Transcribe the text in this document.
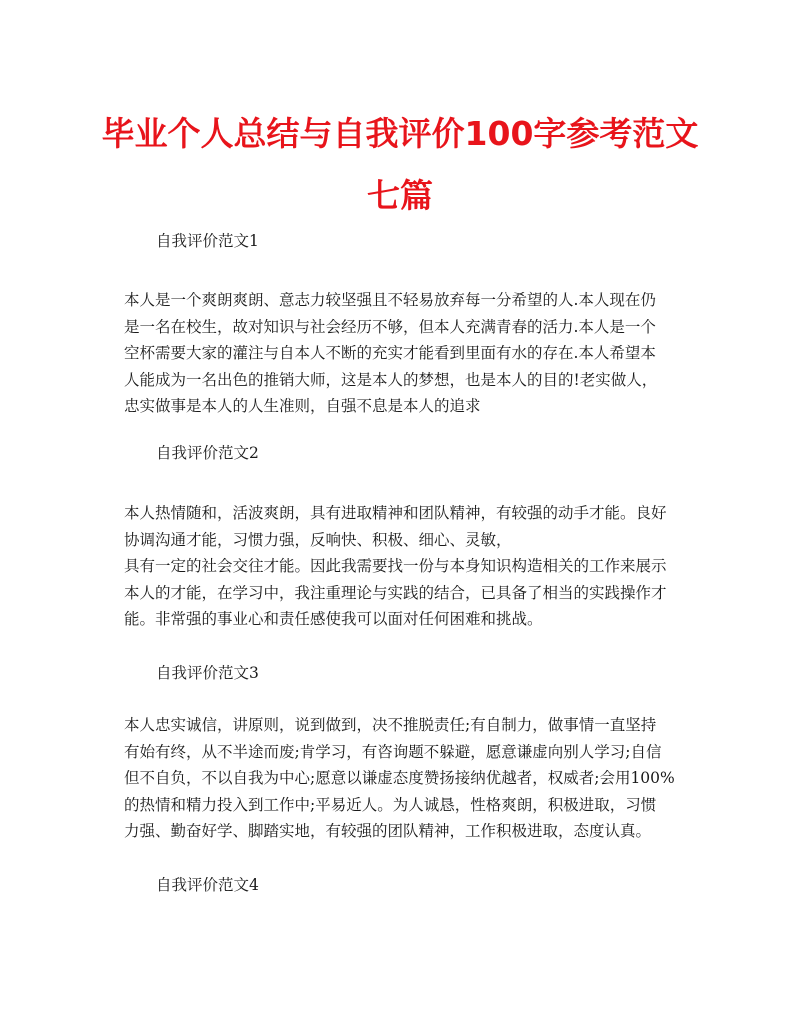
毕业个人总结与自我评价100字参考范文
七篇

自我评价范文1

本人是一个爽朗爽朗、意志力较坚强且不轻易放弃每一分希望的人.本人现在仍
是一名在校生，故对知识与社会经历不够，但本人充满青春的活力.本人是一个
空杯需要大家的灌注与自本人不断的充实才能看到里面有水的存在.本人希望本
人能成为一名出色的推销大师，这是本人的梦想，也是本人的目的!老实做人，
忠实做事是本人的人生准则，自强不息是本人的追求

自我评价范文2

本人热情随和，活波爽朗，具有进取精神和团队精神，有较强的动手才能。良好
协调沟通才能，习惯力强，反响快、积极、细心、灵敏，
具有一定的社会交往才能。因此我需要找一份与本身知识构造相关的工作来展示
本人的才能，在学习中，我注重理论与实践的结合，已具备了相当的实践操作才
能。非常强的事业心和责任感使我可以面对任何困难和挑战。

自我评价范文3

本人忠实诚信，讲原则，说到做到，决不推脱责任;有自制力，做事情一直坚持
有始有终，从不半途而废;肯学习，有咨询题不躲避，愿意谦虚向别人学习;自信
但不自负，不以自我为中心;愿意以谦虚态度赞扬接纳优越者，权威者;会用100%
的热情和精力投入到工作中;平易近人。为人诚恳，性格爽朗，积极进取，习惯
力强、勤奋好学、脚踏实地，有较强的团队精神，工作积极进取，态度认真。

自我评价范文4
